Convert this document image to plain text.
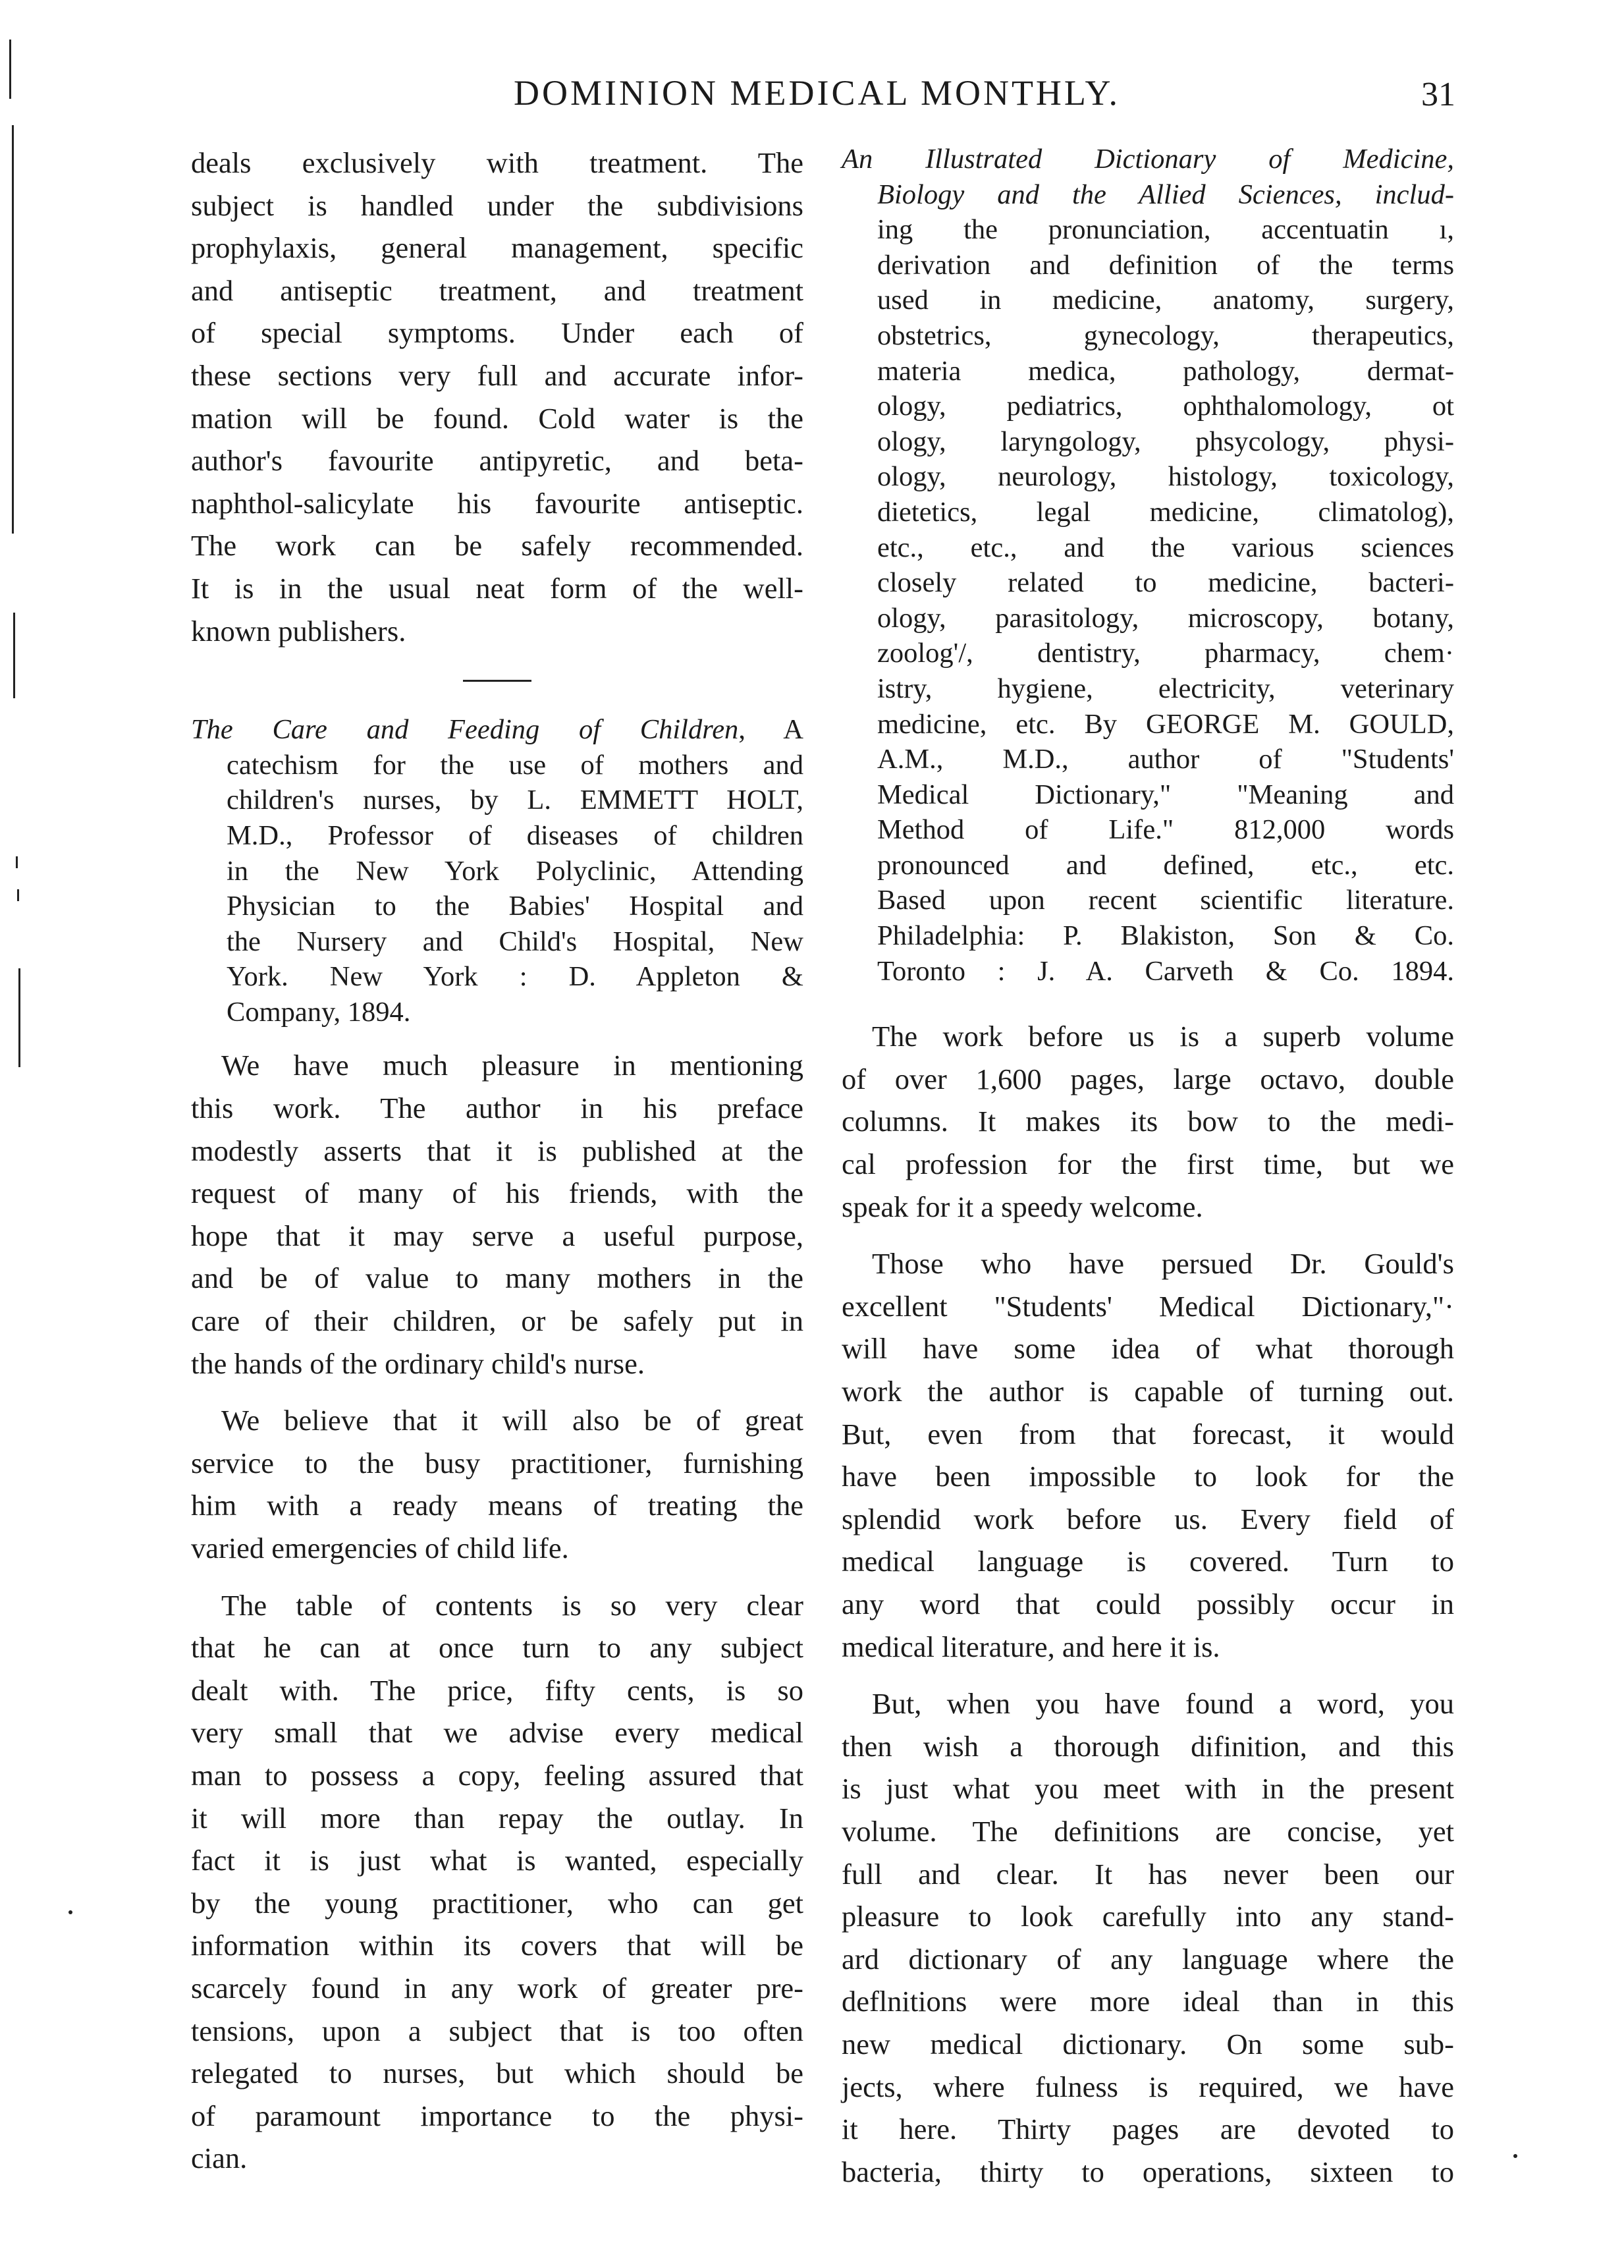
DOMINION MEDICAL MONTHLY.	31
deals exclusively with treatment. The
subject is handled under the subdivisions
prophylaxis, general management, specific
and antiseptic treatment, and treatment
of special symptoms. Under each of
these sections very full and accurate infor-
mation will be found. Cold water is the
author's favourite antipyretic, and beta-
naphthol-salicylate his favourite antiseptic.
The work can be safely recommended.
It is in the usual neat form of the well-
known publishers.
The Care and Feeding of Children, A
catechism for the use of mothers and
children's nurses, by L. EMMETT HOLT,
M.D., Professor of diseases of children
in the New York Polyclinic, Attending
Physician to the Babies' Hospital and
the Nursery and Child's Hospital, New
York. New York : D. Appleton &
Company, 1894.
We have much pleasure in mentioning
this work. The author in his preface
modestly asserts that it is published at the
request of many of his friends, with the
hope that it may serve a useful purpose,
and be of value to many mothers in the
care of their children, or be safely put in
the hands of the ordinary child's nurse.
We believe that it will also be of great
service to the busy practitioner, furnishing
him with a ready means of treating the
varied emergencies of child life.
The table of contents is so very clear
that he can at once turn to any subject
dealt with. The price, fifty cents, is so
very small that we advise every medical
man to possess a copy, feeling assured that
it will more than repay the outlay. In
fact it is just what is wanted, especially
by the young practitioner, who can get
information within its covers that will be
scarcely found in any work of greater pre-
tensions, upon a subject that is too often
relegated to nurses, but which should be
of paramount importance to the physi-
cian.
An Illustrated Dictionary of Medicine,
Biology and the Allied Sciences, includ-
ing the pronunciation, accentuatin ı,
derivation and definition of the terms
used in medicine, anatomy, surgery,
obstetrics, gynecology, therapeutics,
materia medica, pathology, dermat-
ology, pediatrics, ophthalomology, ot
ology, laryngology, phsycology, physi-
ology, neurology, histology, toxicology,
dietetics, legal medicine, climatolog),
etc., etc., and the various sciences
closely related to medicine, bacteri-
ology, parasitology, microscopy, botany,
zoolog'/, dentistry, pharmacy, chem·
istry, hygiene, electricity, veterinary
medicine, etc. By GEORGE M. GOULD,
A.M., M.D., author of "Students'
Medical Dictionary," "Meaning and
Method of Life." 812,000 words
pronounced and defined, etc., etc.
Based upon recent scientific literature.
Philadelphia: P. Blakiston, Son & Co.
Toronto : J. A. Carveth & Co. 1894.
The work before us is a superb volume
of over 1,600 pages, large octavo, double
columns. It makes its bow to the medi-
cal profession for the first time, but we
speak for it a speedy welcome.
Those who have persued Dr. Gould's
excellent "Students' Medical Dictionary,"·
will have some idea of what thorough
work the author is capable of turning out.
But, even from that forecast, it would
have been impossible to look for the
splendid work before us. Every field of
medical language is covered. Turn to
any word that could possibly occur in
medical literature, and here it is.
But, when you have found a word, you
then wish a thorough difinition, and this
is just what you meet with in the present
volume. The definitions are concise, yet
full and clear. It has never been our
pleasure to look carefully into any stand-
ard dictionary of any language where the
deflnitions were more ideal than in this
new medical dictionary. On some sub-
jects, where fulness is required, we have
it here. Thirty pages are devoted to
bacteria, thirty to operations, sixteen to
